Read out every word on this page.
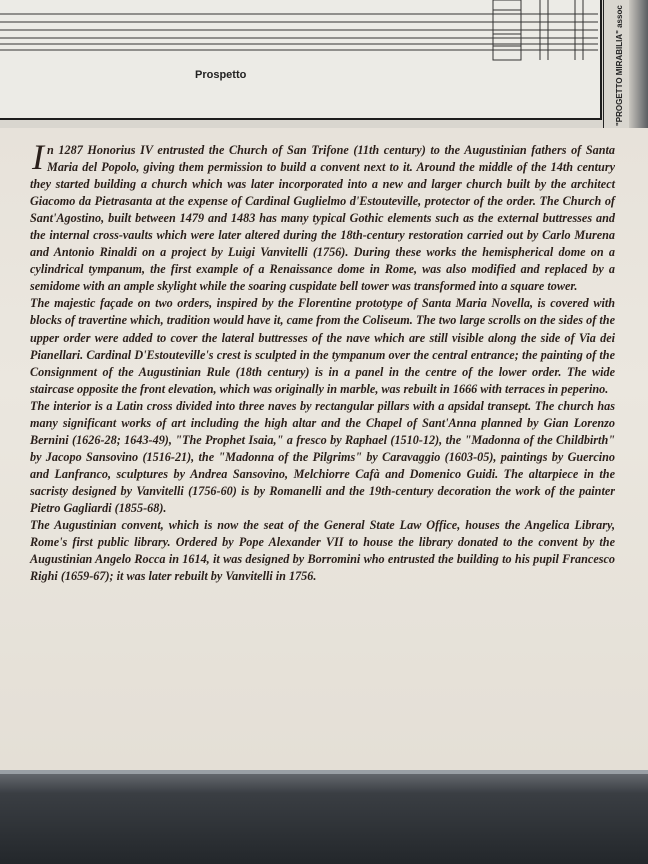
Prospetto	"PROGETTO MIRABILIA" assoc

In 1287 Honorius IV entrusted the Church of San Trifone (11th century) to the Augustinian fathers of Santa Maria del Popolo, giving them permission to build a convent next to it. Around the middle of the 14th century they started building a church which was later incorporated into a new and larger church built by the architect Giacomo da Pietrasanta at the expense of Cardinal Guglielmo d'Estouteville, protector of the order. The Church of Sant'Agostino, built between 1479 and 1483 has many typical Gothic elements such as the external buttresses and the internal cross-vaults which were later altered during the 18th-century restoration carried out by Carlo Murena and Antonio Rinaldi on a project by Luigi Vanvitelli (1756). During these works the hemispherical dome on a cylindrical tympanum, the first example of a Renaissance dome in Rome, was also modified and replaced by a semidome with an ample skylight while the soaring cuspidate bell tower was transformed into a square tower.

The majestic façade on two orders, inspired by the Florentine prototype of Santa Maria Novella, is covered with blocks of travertine which, tradition would have it, came from the Coliseum. The two large scrolls on the sides of the upper order were added to cover the lateral buttresses of the nave which are still visible along the side of Via dei Pianellari. Cardinal D'Estouteville's crest is sculpted in the tympanum over the central entrance; the painting of the Consignment of the Augustinian Rule (18th century) is in a panel in the centre of the lower order. The wide staircase opposite the front elevation, which was originally in marble, was rebuilt in 1666 with terraces in peperino.

The interior is a Latin cross divided into three naves by rectangular pillars with a apsidal transept. The church has many significant works of art including the high altar and the Chapel of Sant'Anna planned by Gian Lorenzo Bernini (1626-28; 1643-49), "The Prophet Isaia," a fresco by Raphael (1510-12), the "Madonna of the Childbirth" by Jacopo Sansovino (1516-21), the "Madonna of the Pilgrims" by Caravaggio (1603-05), paintings by Guercino and Lanfranco, sculptures by Andrea Sansovino, Melchiorre Cafà and Domenico Guidi. The altarpiece in the sacristy designed by Vanvitelli (1756-60) is by Romanelli and the 19th-century decoration the work of the painter Pietro Gagliardi (1855-68).

The Augustinian convent, which is now the seat of the General State Law Office, houses the Angelica Library, Rome's first public library. Ordered by Pope Alexander VII to house the library donated to the convent by the Augustinian Angelo Rocca in 1614, it was designed by Borromini who entrusted the building to his pupil Francesco Righi (1659-67); it was later rebuilt by Vanvitelli in 1756.
